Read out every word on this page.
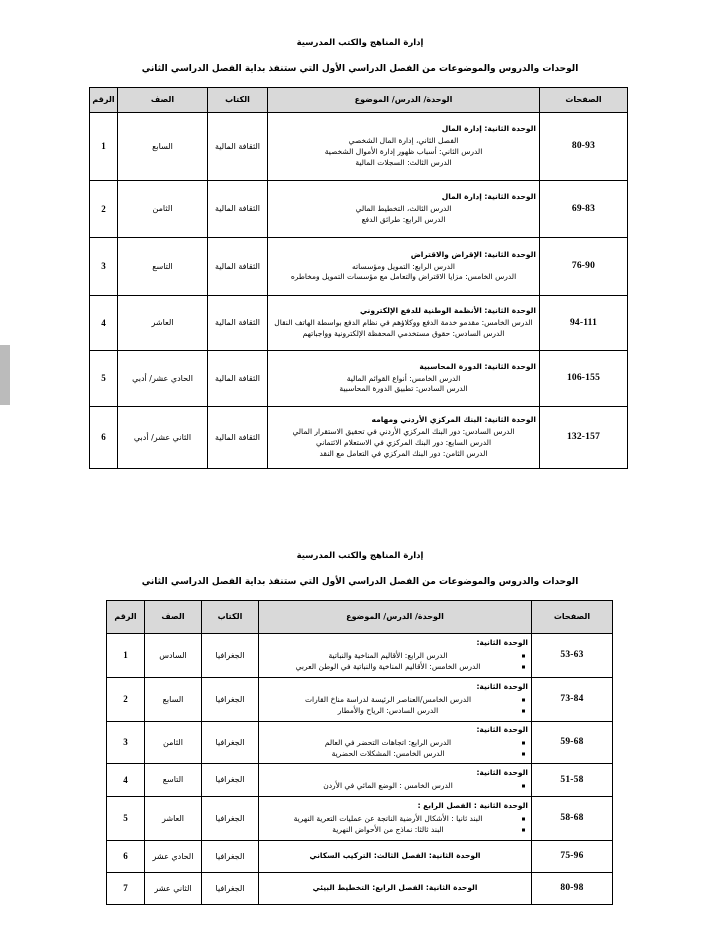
إدارة المناهج والكتب المدرسية
الوحدات والدروس والموضوعات من الفصل الدراسي الأول التي ستنفذ بداية الفصل الدراسي الثاني
الصفحات	الوحدة/ الدرس/ الموضوع	الكتاب	الصف	الرقم
80-93	الوحدة الثانية: إدارة المال
الفصل الثاني، إدارة المال الشخصي
الدرس الثاني: أسباب ظهور إدارة الأموال الشخصية
الدرس الثالث: السجلات المالية	الثقافة المالية	السابع	1
69-83	الوحدة الثانية: إدارة المال
الدرس الثالث، التخطيط المالي
الدرس الرابع: طرائق الدفع	الثقافة المالية	الثامن	2
76-90	الوحدة الثانية: الإقراض والاقتراض
الدرس الرابع: التمويل ومؤسساته
الدرس الخامس: مزايا الاقتراض والتعامل مع مؤسسات التمويل ومخاطره	الثقافة المالية	التاسع	3
94-111	الوحدة الثانية: الأنظمة الوطنية للدفع الإلكتروني
الدرس الخامس: مقدمو خدمة الدفع ووكلاؤهم في نظام الدفع بواسطة الهاتف النقال
الدرس السادس: حقوق مستخدمي المحفظة الإلكترونية وواجباتهم	الثقافة المالية	العاشر	4
106-155	الوحدة الثانية: الدورة المحاسبية
الدرس الخامس: أنواع القوائم المالية
الدرس السادس: تطبيق الدورة المحاسبية	الثقافة المالية	الحادي عشر/ أدبي	5
132-157	الوحدة الثانية: البنك المركزي الأردني ومهامه
الدرس السادس: دور البنك المركزي الأردني في تحقيق الاستقرار المالي
الدرس السابع: دور البنك المركزي في الاستعلام الائتماني
الدرس الثامن: دور البنك المركزي في التعامل مع النقد	الثقافة المالية	الثاني عشر/ أدبي	6
إدارة المناهج والكتب المدرسية
الوحدات والدروس والموضوعات من الفصل الدراسي الأول التي ستنفذ بداية الفصل الدراسي الثاني
الصفحات	الوحدة/ الدرس/ الموضوع	الكتاب	الصف	الرقم
53-63	
الوحدة الثانية:
الدرس الرابع: الأقاليم المناخية والنباتية
الدرس الخامس: الأقاليم المناخية والنباتية في الوطن العربي
	الجغرافيا	السادس	1
73-84	
الوحدة الثانية:
الدرس الخامس/العناصر الرئيسة لدراسة مناخ القارات
الدرس السادس: الرياح والأمطار
	الجغرافيا	السابع	2
59-68	
الوحدة الثانية:
الدرس الرابع: اتجاهات التحضر في العالم
الدرس الخامس: المشكلات الحضرية
	الجغرافيا	الثامن	3
51-58	
الوحدة الثانية:
الدرس الخامس : الوضع المائي في الأردن
	الجغرافيا	التاسع	4
58-68	
الوحدة الثانية : الفصل الرابع :
البند ثانيا : الأشكال الأرضية الناتجة عن عمليات التعرية النهرية
البند ثالثا: نماذج من الأحواض النهرية
	الجغرافيا	العاشر	5
75-96	الوحدة الثانية: الفصل الثالث: التركيب السكاني	الجغرافيا	الحادي عشر	6
80-98	الوحدة الثانية: الفصل الرابع: التخطيط البيئي	الجغرافيا	الثاني عشر	7
